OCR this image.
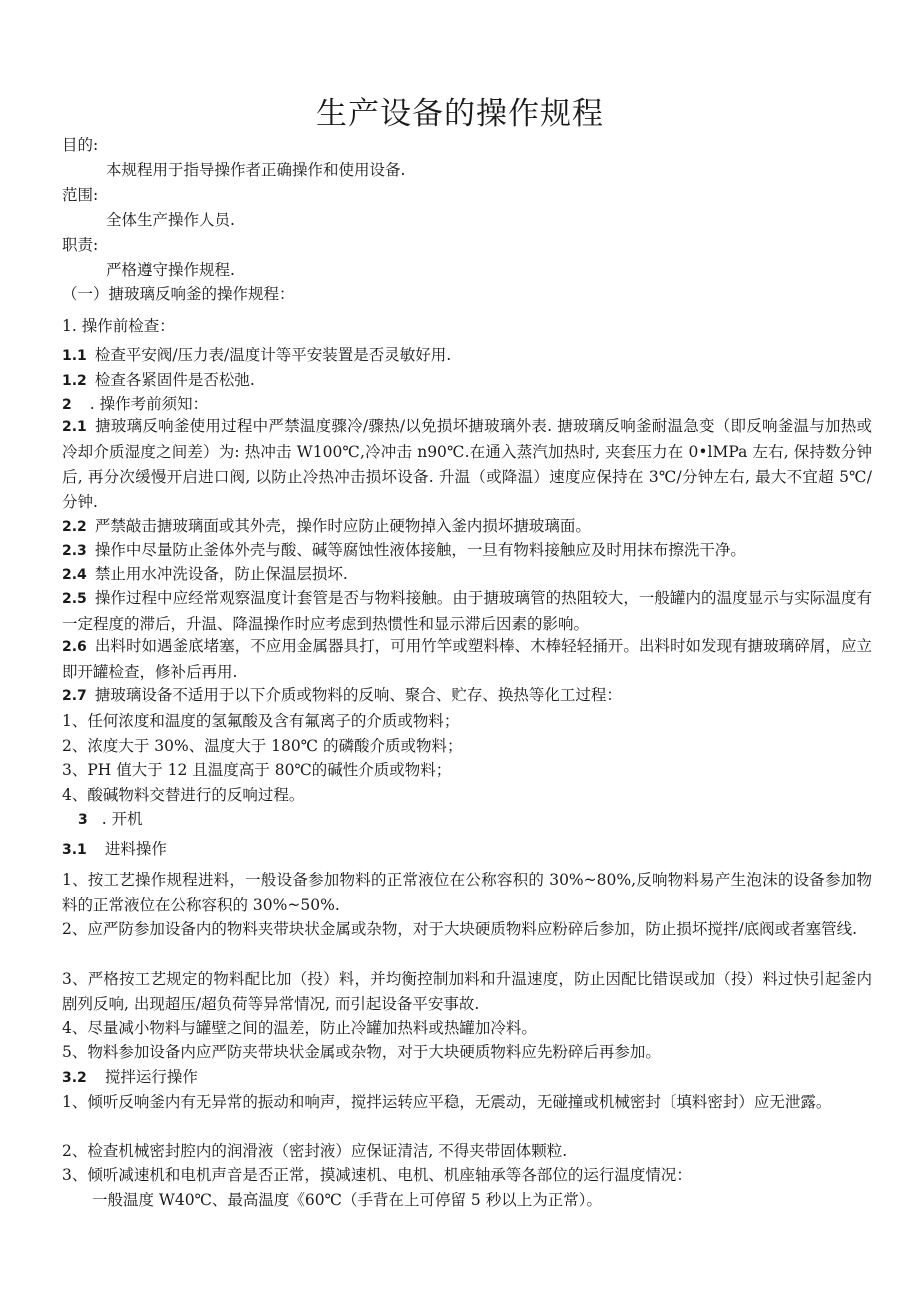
生产设备的操作规程
目的:
本规程用于指导操作者正确操作和使用设备.
范围:
全体生产操作人员.
职责:
严格遵守操作规程.
（一）搪玻璃反响釜的操作规程：
1. 操作前检查：
1.1 检查平安阀/压力表/温度计等平安装置是否灵敏好用.
1.2 检查各紧固件是否松弛.
2 . 操作考前须知：
2.1 搪玻璃反响釜使用过程中严禁温度骤冷/骤热/以免损坏搪玻璃外表. 搪玻璃反响釜耐温急变（即反响釜温与加热或冷却介质湿度之间差）为: 热冲击 W100℃,冷冲击 n90℃.在通入蒸汽加热时, 夹套压力在 0•lMPa 左右, 保持数分钟后, 再分次缓慢开启进口阀, 以防止冷热冲击损坏设备. 升温（或降温）速度应保持在 3℃/分钟左右, 最大不宜超 5℃/分钟.
2.2 严禁敲击搪玻璃面或其外壳，操作时应防止硬物掉入釜内损坏搪玻璃面。
2.3 操作中尽量防止釜体外壳与酸、碱等腐蚀性液体接触，一旦有物料接触应及时用抹布擦洗干净。
2.4 禁止用水冲洗设备，防止保温层损坏.
2.5 操作过程中应经常观察温度计套管是否与物料接触。由于搪玻璃管的热阻较大，一般罐内的温度显示与实际温度有一定程度的滞后，升温、降温操作时应考虑到热惯性和显示滞后因素的影响。
2.6 出料时如遇釜底堵塞，不应用金属器具打，可用竹竿或塑料棒、木棒轻轻捅开。出料时如发现有搪玻璃碎屑，应立即开罐检查，修补后再用.
2.7 搪玻璃设备不适用于以下介质或物料的反响、聚合、贮存、换热等化工过程：
1、任何浓度和温度的氢氟酸及含有氟离子的介质或物料；
2、浓度大于 30%、温度大于 180℃ 的磷酸介质或物料；
3、PH 值大于 12 且温度高于 80℃的碱性介质或物料；
4、酸碱物料交替进行的反响过程。
3 . 开机
3.1 进料操作
1、按工艺操作规程进料，一般设备参加物料的正常液位在公称容积的 30%~80%,反响物料易产生泡沫的设备参加物料的正常液位在公称容积的 30%~50%.
2、应严防参加设备内的物料夹带块状金属或杂物，对于大块硬质物料应粉碎后参加，防止损坏搅拌/底阀或者塞管线.
3、严格按工艺规定的物料配比加（投）料，并均衡控制加料和升温速度，防止因配比错误或加（投）料过快引起釜内剧列反响, 出现超压/超负荷等异常情况, 而引起设备平安事故.
4、尽量减小物料与罐壁之间的温差，防止冷罐加热料或热罐加冷料。
5、物料参加设备内应严防夹带块状金属或杂物，对于大块硬质物料应先粉碎后再参加。
3.2 搅拌运行操作
1、倾听反响釜内有无异常的振动和响声，搅拌运转应平稳，无震动，无碰撞或机械密封〔填料密封）应无泄露。
2、检查机械密封腔内的润滑液（密封液）应保证清洁, 不得夹带固体颗粒.
3、倾听减速机和电机声音是否正常，摸减速机、电机、机座轴承等各部位的运行温度情况：
一般温度 W40℃、最高温度《60℃（手背在上可停留 5 秒以上为正常）。
